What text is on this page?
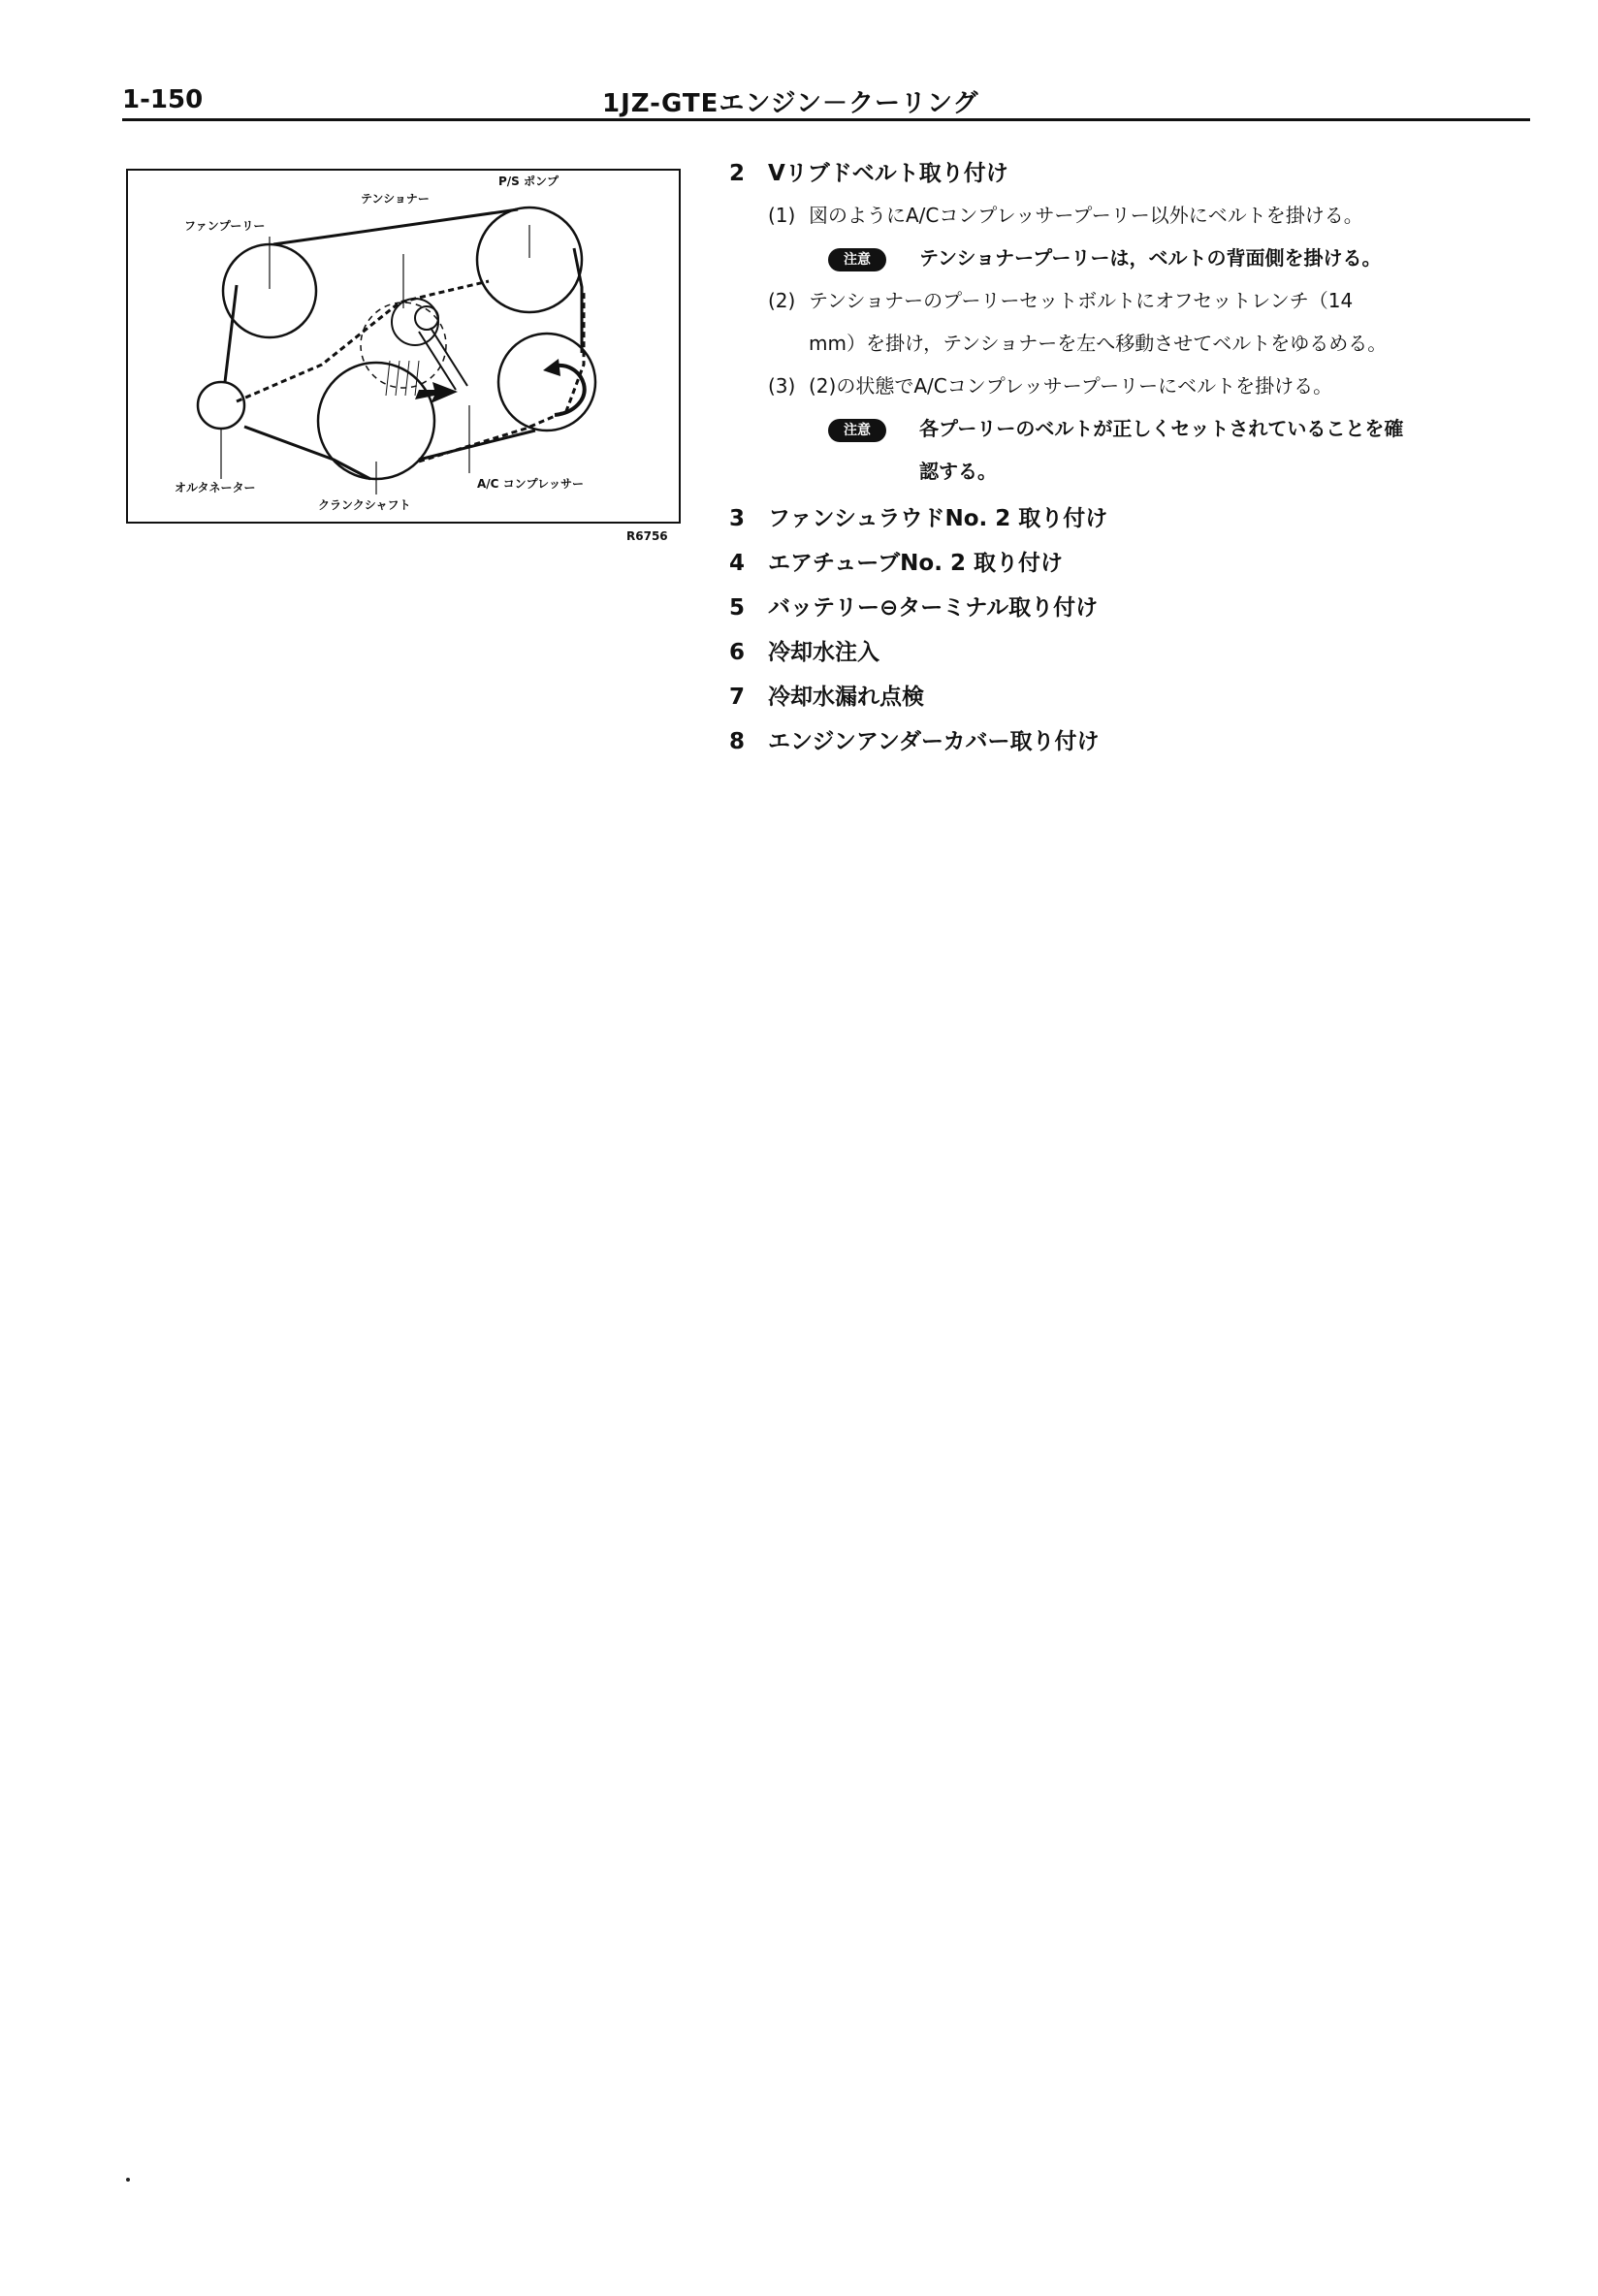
1-150	1JZ-GTEエンジン－クーリング
ファンプーリー
テンショナー
P/S ポンプ
オルタネーター
クランクシャフト
A/C コンプレッサー
R6756
2 Vリブドベルト取り付け
(1) 図のようにA/Cコンプレッサープーリー以外にベルトを掛ける。
注意	テンショナープーリーは，ベルトの背面側を掛ける。
(2) テンショナーのプーリーセットボルトにオフセットレンチ（14
mm）を掛け，テンショナーを左へ移動させてベルトをゆるめる。
(3) (2)の状態でA/Cコンプレッサープーリーにベルトを掛ける。
注意	各プーリーのベルトが正しくセットされていることを確
認する。
3 ファンシュラウドNo. 2 取り付け
4 エアチューブNo. 2 取り付け
5 バッテリー⊖ターミナル取り付け
6 冷却水注入
7 冷却水漏れ点検
8 エンジンアンダーカバー取り付け
